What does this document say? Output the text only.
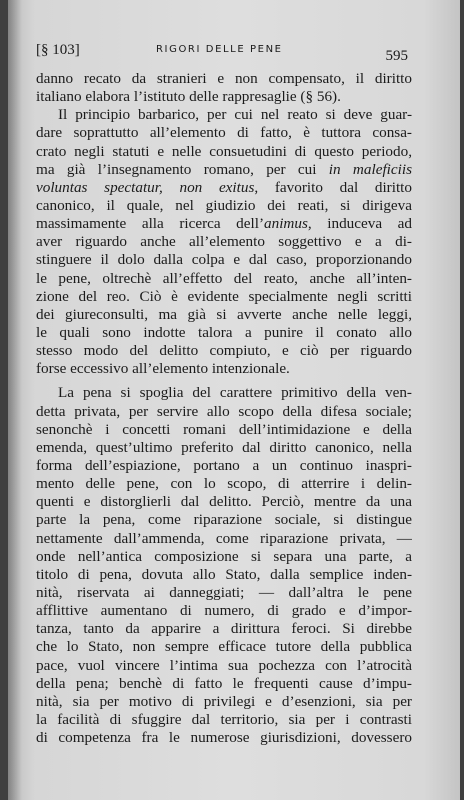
[§ 103]	RIGORI DELLE PENE	595

danno recato da stranieri e non compensato, il diritto
italiano elabora l’istituto delle rappresaglie (§ 56).

Il principio barbarico, per cui nel reato si deve guar-
dare soprattutto all’elemento di fatto, è tuttora consa-
crato negli statuti e nelle consuetudini di questo periodo,
ma già l’insegnamento romano, per cui in maleficiis
voluntas spectatur, non exitus, favorito dal diritto
canonico, il quale, nel giudizio dei reati, si dirigeva
massimamente alla ricerca dell’animus, induceva ad
aver riguardo anche all’elemento soggettivo e a di-
stinguere il dolo dalla colpa e dal caso, proporzionando
le pene, oltrechè all’effetto del reato, anche all’inten-
zione del reo. Ciò è evidente specialmente negli scritti
dei giureconsulti, ma già si avverte anche nelle leggi,
le quali sono indotte talora a punire il conato allo
stesso modo del delitto compiuto, e ciò per riguardo
forse eccessivo all’elemento intenzionale.

La pena si spoglia del carattere primitivo della ven-
detta privata, per servire allo scopo della difesa sociale;
senonchè i concetti romani dell’intimidazione e della
emenda, quest’ultimo preferito dal diritto canonico, nella
forma dell’espiazione, portano a un continuo inaspri-
mento delle pene, con lo scopo, di atterrire i delin-
quenti e distorglierli dal delitto. Perciò, mentre da una
parte la pena, come riparazione sociale, si distingue
nettamente dall’ammenda, come riparazione privata, —
onde nell’antica composizione si separa una parte, a
titolo di pena, dovuta allo Stato, dalla semplice inden-
nità, riservata ai danneggiati; — dall’altra le pene
afflittive aumentano di numero, di grado e d’impor-
tanza, tanto da apparire a dirittura feroci. Si direbbe
che lo Stato, non sempre efficace tutore della pubblica
pace, vuol vincere l’intima sua pochezza con l’atrocità
della pena; benchè di fatto le frequenti cause d’impu-
nità, sia per motivo di privilegi e d’esenzioni, sia per
la facilità di sfuggire dal territorio, sia per i contrasti
di competenza fra le numerose giurisdizioni, dovessero
